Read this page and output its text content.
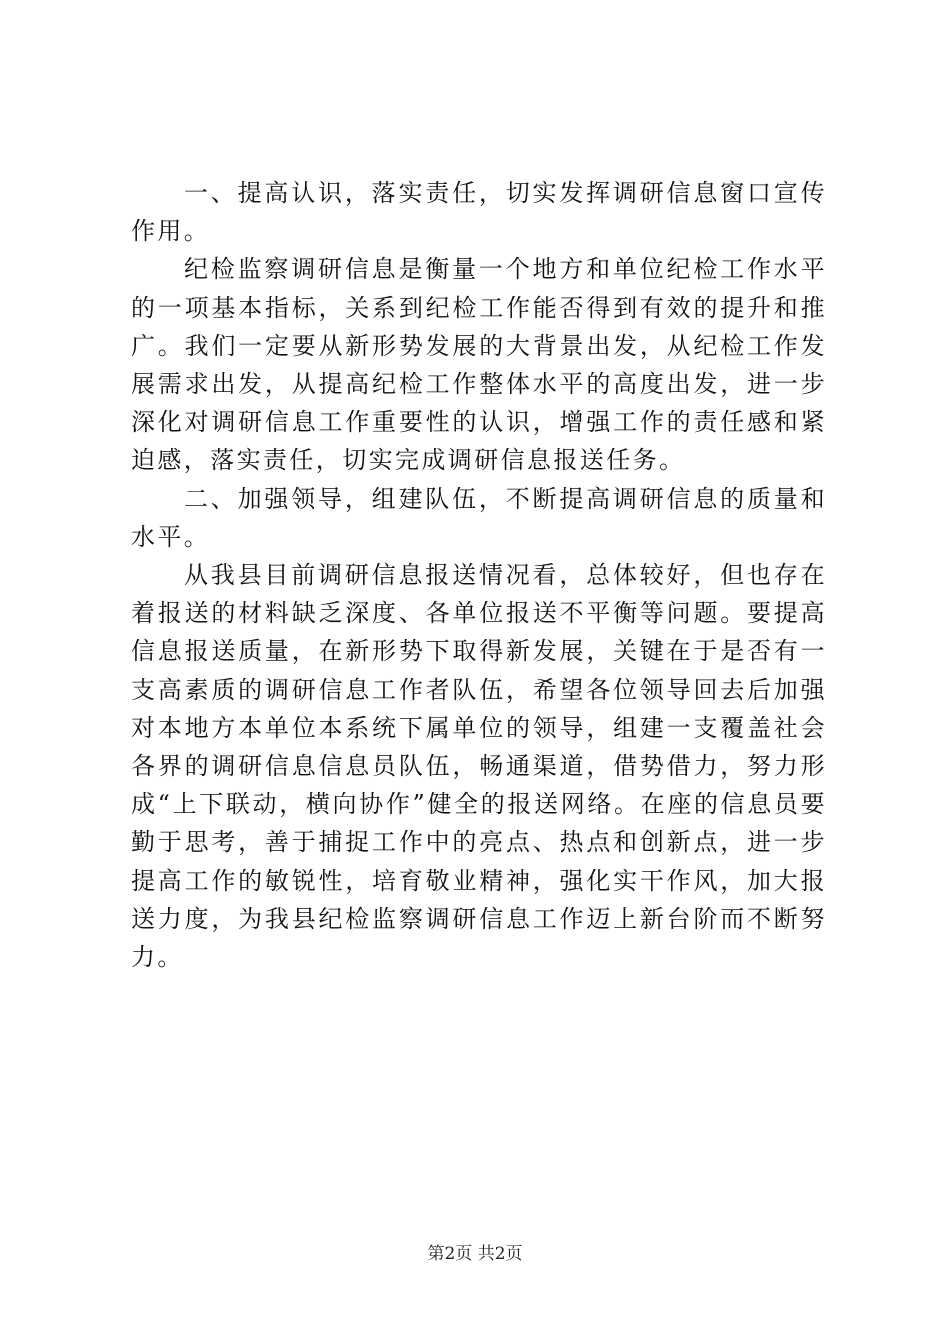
一、提高认识，落实责任，切实发挥调研信息窗口宣传作用。

纪检监察调研信息是衡量一个地方和单位纪检工作水平的一项基本指标，关系到纪检工作能否得到有效的提升和推广。我们一定要从新形势发展的大背景出发，从纪检工作发展需求出发，从提高纪检工作整体水平的高度出发，进一步深化对调研信息工作重要性的认识，增强工作的责任感和紧迫感，落实责任，切实完成调研信息报送任务。

二、加强领导，组建队伍，不断提高调研信息的质量和水平。

从我县目前调研信息报送情况看，总体较好，但也存在着报送的材料缺乏深度、各单位报送不平衡等问题。要提高信息报送质量，在新形势下取得新发展，关键在于是否有一支高素质的调研信息工作者队伍，希望各位领导回去后加强对本地方本单位本系统下属单位的领导，组建一支覆盖社会各界的调研信息信息员队伍，畅通渠道，借势借力，努力形成“上下联动，横向协作”健全的报送网络。在座的信息员要勤于思考，善于捕捉工作中的亮点、热点和创新点，进一步提高工作的敏锐性，培育敬业精神，强化实干作风，加大报送力度，为我县纪检监察调研信息工作迈上新台阶而不断努力。

第2页 共2页
